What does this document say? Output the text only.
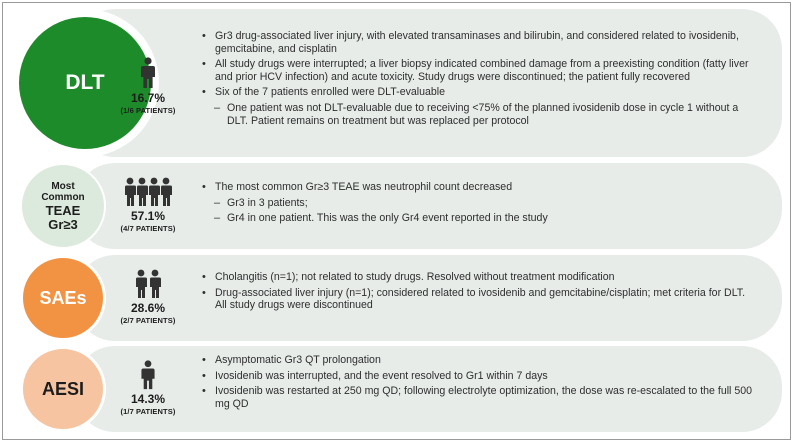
DLT
16.7%
(1/6 PATIENTS)
• Gr3 drug-associated liver injury, with elevated transaminases and bilirubin, and considered related to ivosidenib, gemcitabine, and cisplatin
• All study drugs were interrupted; a liver biopsy indicated combined damage from a preexisting condition (fatty liver and prior HCV infection) and acute toxicity. Study drugs were discontinued; the patient fully recovered
• Six of the 7 patients enrolled were DLT-evaluable
– One patient was not DLT-evaluable due to receiving <75% of the planned ivosidenib dose in cycle 1 without a DLT. Patient remains on treatment but was replaced per protocol
Most
Common
TEAE
Gr≥3
57.1%
(4/7 PATIENTS)
• The most common Gr≥3 TEAE was neutrophil count decreased
– Gr3 in 3 patients;
– Gr4 in one patient. This was the only Gr4 event reported in the study
SAEs
28.6%
(2/7 PATIENTS)
• Cholangitis (n=1); not related to study drugs. Resolved without treatment modification
• Drug-associated liver injury (n=1); considered related to ivosidenib and gemcitabine/cisplatin; met criteria for DLT. All study drugs were discontinued
AESI
14.3%
(1/7 PATIENTS)
• Asymptomatic Gr3 QT prolongation
• Ivosidenib was interrupted, and the event resolved to Gr1 within 7 days
• Ivosidenib was restarted at 250 mg QD; following electrolyte optimization, the dose was re-escalated to the full 500 mg QD
